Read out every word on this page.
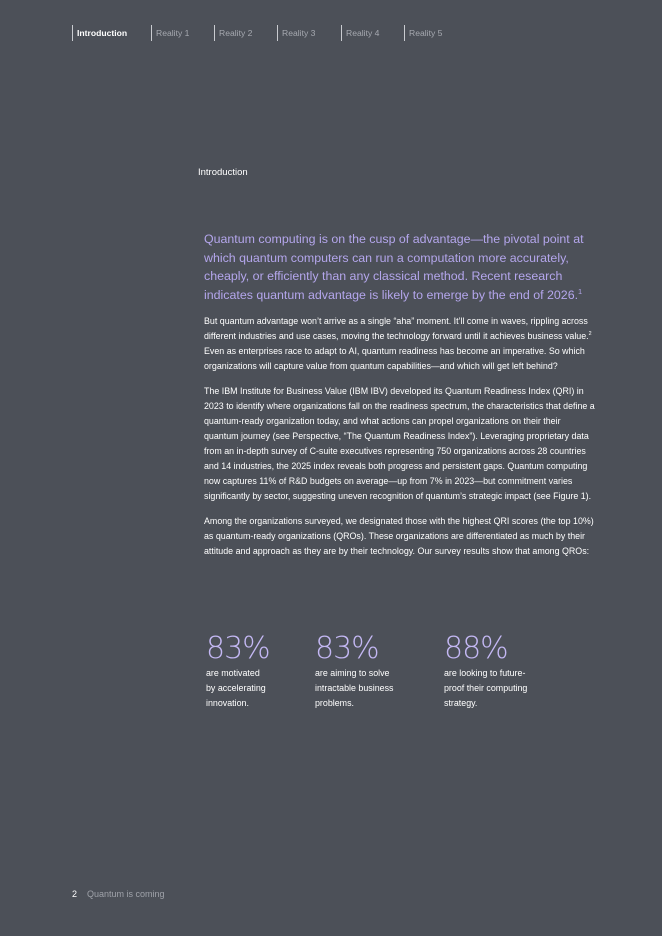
Introduction	Reality 1	Reality 2	Reality 3	Reality 4	Reality 5
Introduction

Quantum computing is on the cusp of advantage—the pivotal point at which quantum computers can run a computation more accurately, cheaply, or efficiently than any classical method. Recent research indicates quantum advantage is likely to emerge by the end of 2026.$^1$

But quantum advantage won’t arrive as a single “aha” moment. It’ll come in waves, rippling across different industries and use cases, moving the technology forward until it achieves business value.$^2$ Even as enterprises race to adapt to AI, quantum readiness has become an imperative. So which organizations will capture value from quantum capabilities—and which will get left behind?

The IBM Institute for Business Value (IBM IBV) developed its Quantum Readiness Index (QRI) in 2023 to identify where organizations fall on the readiness spectrum, the characteristics that define a quantum-ready organization today, and what actions can propel organizations on their their quantum journey (see Perspective, “The Quantum Readiness Index”). Leveraging proprietary data from an in-depth survey of C-suite executives representing 750 organizations across 28 countries and 14 industries, the 2025 index reveals both progress and persistent gaps. Quantum computing now captures 11% of R&D budgets on average—up from 7% in 2023—but commitment varies significantly by sector, suggesting uneven recognition of quantum’s strategic impact (see Figure 1).

Among the organizations surveyed, we designated those with the highest QRI scores (the top 10%) as quantum-ready organizations (QROs). These organizations are differentiated as much by their attitude and approach as they are by their technology. Our survey results show that among QROs:

83%
are motivated
by accelerating
innovation.
83%
are aiming to solve
intractable business
problems.
88%
are looking to future-
proof their computing
strategy.
2 Quantum is coming
